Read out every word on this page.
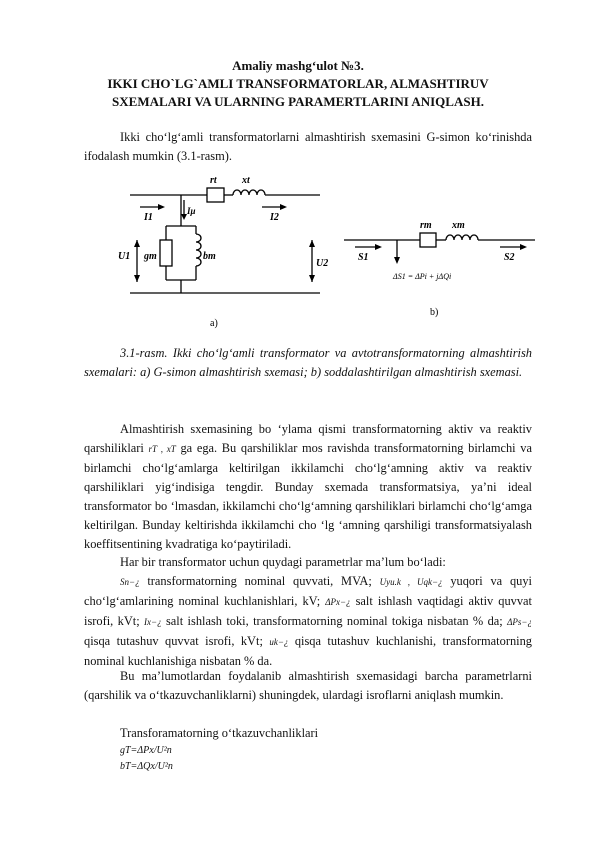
Amaliy mashg‘ulot №3.
IKKI CHO`LG`AMLI TRANSFORMATORLAR, ALMASHTIRUV
SXEMALARI VA ULARNING PARAMERTLARINI ANIQLASH.
Ikki cho‘lg‘amli transformatorlarni almashtirish sxemasini G-simon ko‘rinishda ifodalash mumkin (3.1-rasm).
rt	xt
I1	I2
Iμ
U1
U2
gm	bm
a)
rm xm
S1	S2
ΔS1 = ΔPi + jΔQi
b)
3.1-rasm. Ikki cho‘lg‘amli transformator va avtotransformatorning almashtirish sxemalari: a) G-simon almashtirish sxemasi; b) soddalashtirilgan almashtirish sxemasi.
Almashtirish sxemasining bo ‘ylama qismi transformatorning aktiv va reaktiv qarshiliklari rT , xT ga ega. Bu qarshiliklar mos ravishda transformatorning birlamchi va birlamchi cho‘lg‘amlarga keltirilgan ikkilamchi cho‘lg‘amning aktiv va reaktiv qarshiliklari yig‘indisiga tengdir. Bunday sxemada transformatsiya, ya’ni ideal transformator bo ‘lmasdan, ikkilamchi cho‘lg‘amning qarshiliklari birlamchi cho‘lg‘amga keltirilgan. Bunday keltirishda ikkilamchi cho ‘lg ‘amning qarshiligi transformatsiyalash koeffitsentining kvadratiga ko‘paytiriladi.
Har bir transformator uchun quydagi parametrlar ma’lum bo‘ladi:
Sn−¿ transformatorning nominal quvvati, MVA; Uyu.k , Uqk−¿ yuqori va quyi cho‘lg‘amlarining nominal kuchlanishlari, kV; ΔPx−¿ salt ishlash vaqtidagi aktiv quvvat isrofi, kVt; Ix−¿ salt ishlash toki, transformatorning nominal tokiga nisbatan % da; ΔPs−¿ qisqa tutashuv quvvat isrofi, kVt; uk−¿ qisqa tutashuv kuchlanishi, transformatorning nominal kuchlanishiga nisbatan % da.
Bu ma’lumotlardan foydalanib almashtirish sxemasidagi barcha parametrlarni (qarshilik va o‘tkazuvchanliklarni) shuningdek, ulardagi isroflarni aniqlash mumkin.
Transforamatorning o‘tkazuvchanliklari
gT=ΔPx/U²n
bT=ΔQx/U²n
